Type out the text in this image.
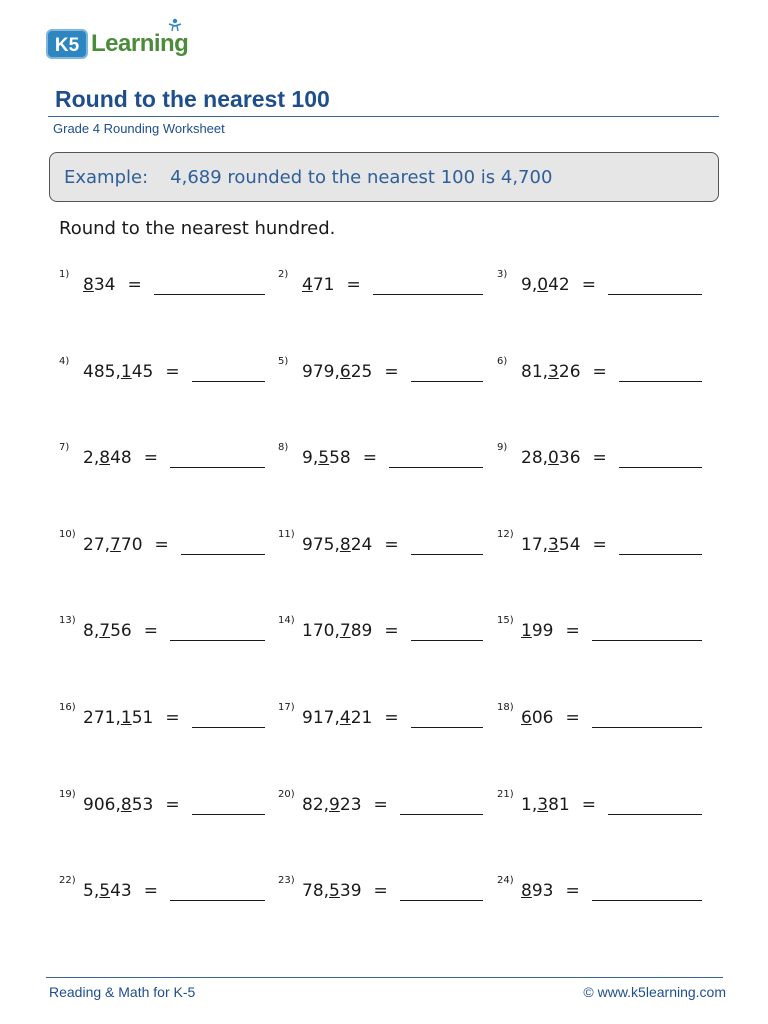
K5 Learning
Round to the nearest 100
Grade 4 Rounding Worksheet
Example: 4,689 rounded to the nearest 100 is 4,700
Round to the nearest hundred.
1)
834 =
2)
471 =
3)
9,042 =
4)
485,145 =
5)
979,625 =
6)
81,326 =
7)
2,848 =
8)
9,558 =
9)
28,036 =
10)
27,770 =
11)
975,824 =
12)
17,354 =
13)
8,756 =
14)
170,789 =
15)
199 =
16)
271,151 =
17)
917,421 =
18)
606 =
19)
906,853 =
20)
82,923 =
21)
1,381 =
22)
5,543 =
23)
78,539 =
24)
893 =
Reading & Math for K-5	© www.k5learning.com
